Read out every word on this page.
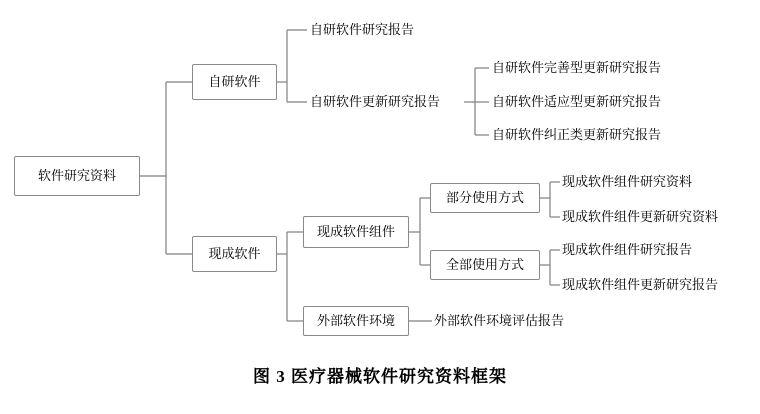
软件研究资料
自研软件
自研软件研究报告
自研软件更新研究报告
自研软件完善型更新研究报告
自研软件适应型更新研究报告
自研软件纠正类更新研究报告
现成软件
现成软件组件
部分使用方式
现成软件组件研究资料
现成软件组件更新研究资料
全部使用方式
现成软件组件研究报告
现成软件组件更新研究报告
外部软件环境	外部软件环境评估报告
图 3 医疗器械软件研究资料框架
